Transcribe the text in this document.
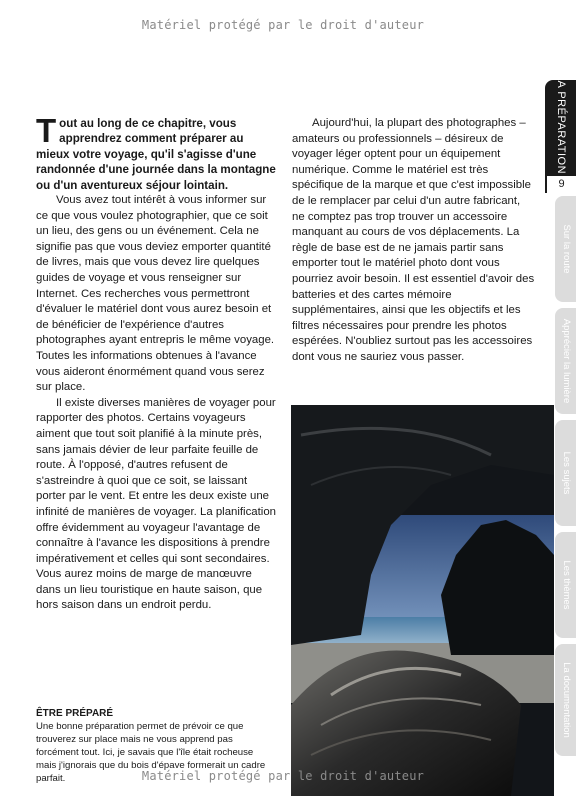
Matériel protégé par le droit d'auteur

Tout au long de ce chapitre, vous apprendrez comment préparer au mieux votre voyage, qu'il s'agisse d'une randonnée d'une journée dans la montagne ou d'un aventureux séjour lointain.

Vous avez tout intérêt à vous informer sur ce que vous voulez photographier, que ce soit un lieu, des gens ou un événement. Cela ne signifie pas que vous deviez emporter quantité de livres, mais que vous devez lire quelques guides de voyage et vous renseigner sur Internet. Ces recherches vous permettront d'évaluer le matériel dont vous aurez besoin et de bénéficier de l'expérience d'autres photographes ayant entrepris le même voyage. Toutes les informations obtenues à l'avance vous aideront énormément quand vous serez sur place.

Il existe diverses manières de voyager pour rapporter des photos. Certains voyageurs aiment que tout soit planifié à la minute près, sans jamais dévier de leur parfaite feuille de route. À l'opposé, d'autres refusent de s'astreindre à quoi que ce soit, se laissant porter par le vent. Et entre les deux existe une infinité de manières de voyager. La planification offre évidemment au voyageur l'avantage de connaître à l'avance les dispositions à prendre impérativement et celles qui sont secondaires. Vous aurez moins de marge de manœuvre dans un lieu touristique en haute saison, que hors saison dans un endroit perdu.

Aujourd'hui, la plupart des photographes – amateurs ou professionnels – désireux de voyager léger optent pour un équipement numérique. Comme le matériel est très spécifique de la marque et que c'est impossible de le remplacer par celui d'un autre fabricant, ne comptez pas trop trouver un accessoire manquant au cours de vos déplacements. La règle de base est de ne jamais partir sans emporter tout le matériel photo dont vous pourriez avoir besoin. Il est essentiel d'avoir des batteries et des cartes mémoire supplémentaires, ainsi que les objectifs et les filtres nécessaires pour prendre les photos espérées. N'oubliez surtout pas les accessoires dont vous ne sauriez vous passer.

ÊTRE PRÉPARÉ

Une bonne préparation permet de prévoir ce que trouverez sur place mais ne vous apprend pas forcément tout. Ici, je savais que l'île était rocheuse mais j'ignorais que du bois d'épave formerait un cadre parfait.	Matériel protégé par le droit d'auteur
LA PRÉPARATION
9
Sur la route
Apprécier la lumière
Les sujets
Les thèmes
La documentation
